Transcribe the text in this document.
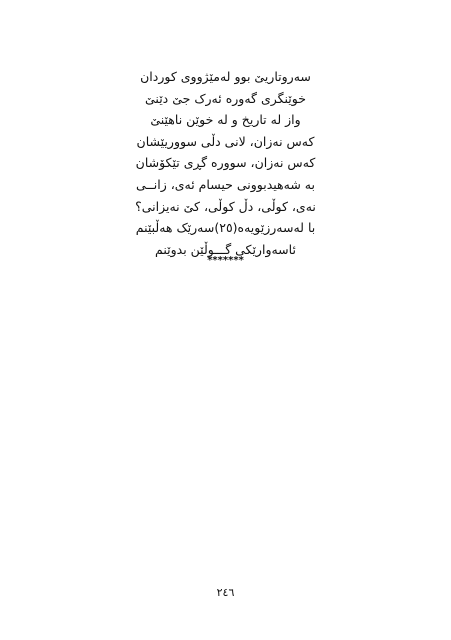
سەروتاریێ بوو لەمێژووی کوردان
خوێنگری گەورە ئەرک جێ دێنێ
واز لە تاریخ و لە خوێن ناهێنێ
کەس نەزان، لانی دڵی سووریێشان
کەس نەزان، سوورە گڕی تێکۆشان
بە شەهیدبوونی حیسام ئەی، زانــی
نەی، کوڵی، دڵ کوڵی، کێ نەیزانی؟
با لەسەرزێویەه(٢٥)سەرێک هەڵبێنم
ئاسەوارێکی گـــوڵێن بدوێنم
*******
٢٤٦
